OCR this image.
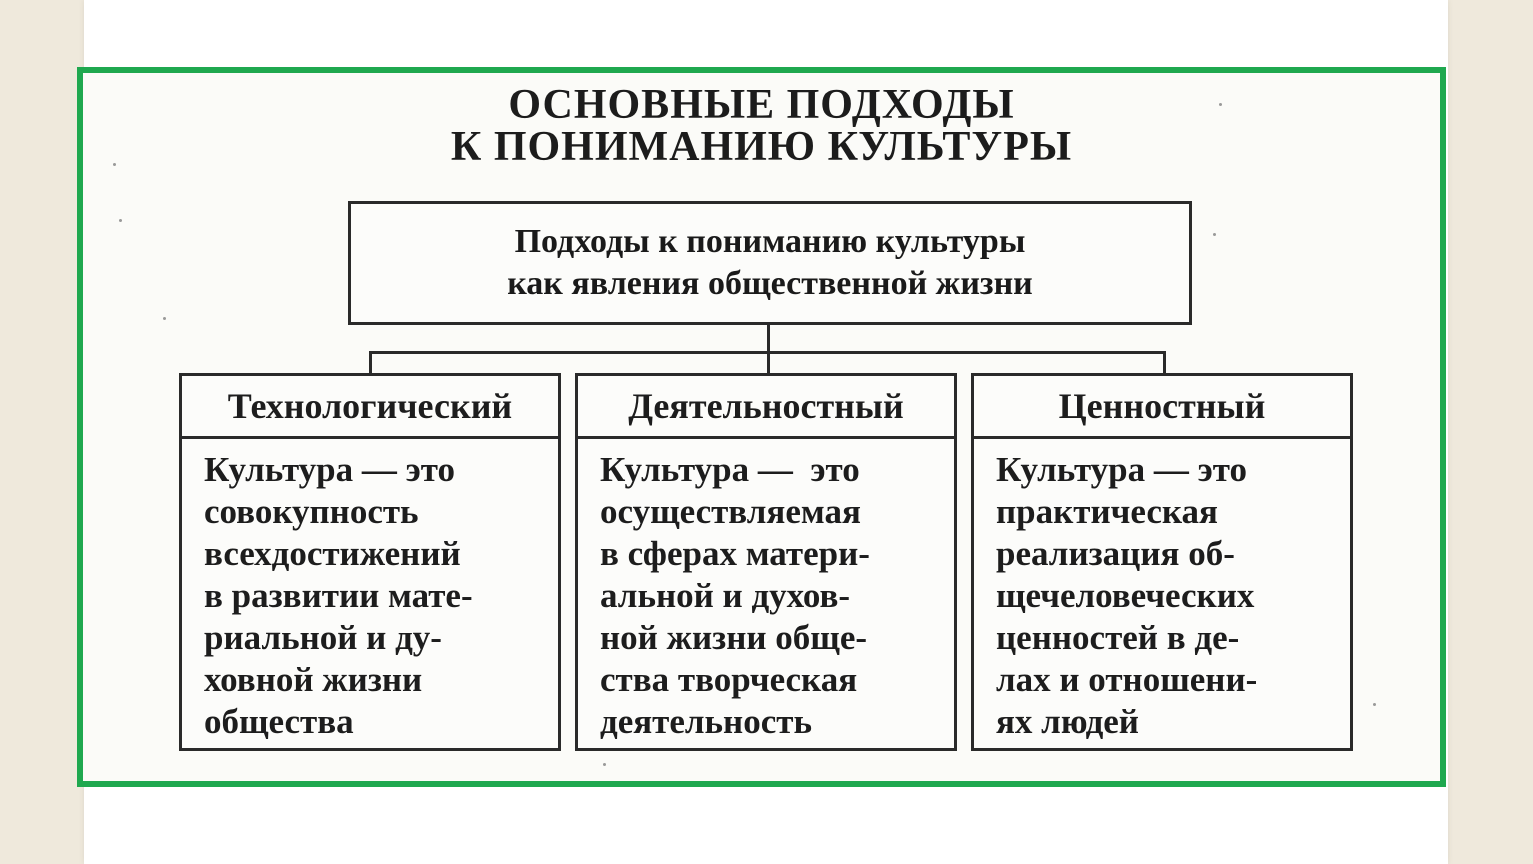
ОСНОВНЫЕ ПОДХОДЫ
К ПОНИМАНИЮ КУЛЬТУРЫ
Подходы к пониманию культуры
как явления общественной жизни
Технологический
Культура — это
совокупность
всехдостижений
в развитии мате-
риальной и ду-
ховной жизни
общества
Деятельностный
Культура —  это
осуществляемая
в сферах матери-
альной и духов-
ной жизни обще-
ства творческая
деятельность
Ценностный
Культура — это
практическая
реализация об-
щечеловеческих
ценностей в де-
лах и отношени-
ях людей
